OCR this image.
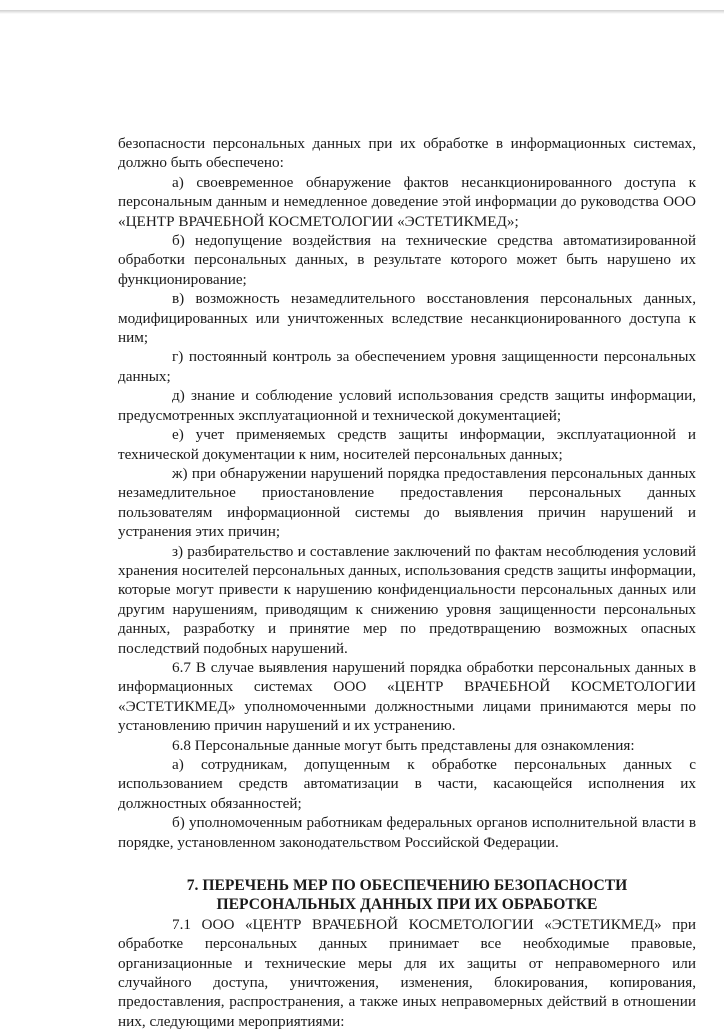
безопасности персональных данных при их обработке в информационных системах, должно быть обеспечено:

а) своевременное обнаружение фактов несанкционированного доступа к персональным данным и немедленное доведение этой информации до руководства ООО «ЦЕНТР ВРАЧЕБНОЙ КОСМЕТОЛОГИИ «ЭСТЕТИКМЕД»;

б) недопущение воздействия на технические средства автоматизированной обработки персональных данных, в результате которого может быть нарушено их функционирование;

в) возможность незамедлительного восстановления персональных данных, модифицированных или уничтоженных вследствие несанкционированного доступа к ним;

г) постоянный контроль за обеспечением уровня защищенности персональных данных;

д) знание и соблюдение условий использования средств защиты информации, предусмотренных эксплуатационной и технической документацией;

е) учет применяемых средств защиты информации, эксплуатационной и технической документации к ним, носителей персональных данных;

ж) при обнаружении нарушений порядка предоставления персональных данных незамедлительное приостановление предоставления персональных данных пользователям информационной системы до выявления причин нарушений и устранения этих причин;

з) разбирательство и составление заключений по фактам несоблюдения условий хранения носителей персональных данных, использования средств защиты информации, которые могут привести к нарушению конфиденциальности персональных данных или другим нарушениям, приводящим к снижению уровня защищенности персональных данных, разработку и принятие мер по предотвращению возможных опасных последствий подобных нарушений.

6.7 В случае выявления нарушений порядка обработки персональных данных в информационных системах ООО «ЦЕНТР ВРАЧЕБНОЙ КОСМЕТОЛОГИИ «ЭСТЕТИКМЕД» уполномоченными должностными лицами принимаются меры по установлению причин нарушений и их устранению.

6.8 Персональные данные могут быть представлены для ознакомления:

а) сотрудникам, допущенным к обработке персональных данных с использованием средств автоматизации в части, касающейся исполнения их должностных обязанностей;

б) уполномоченным работникам федеральных органов исполнительной власти в порядке, установленном законодательством Российской Федерации.

7. ПЕРЕЧЕНЬ МЕР ПО ОБЕСПЕЧЕНИЮ БЕЗОПАСНОСТИ
ПЕРСОНАЛЬНЫХ ДАННЫХ ПРИ ИХ ОБРАБОТКЕ

7.1 ООО «ЦЕНТР ВРАЧЕБНОЙ КОСМЕТОЛОГИИ «ЭСТЕТИКМЕД» при обработке персональных данных принимает все необходимые правовые, организационные и технические меры для их защиты от неправомерного или случайного доступа, уничтожения, изменения, блокирования, копирования, предоставления, распространения, а также иных неправомерных действий в отношении них, следующими мероприятиями:
